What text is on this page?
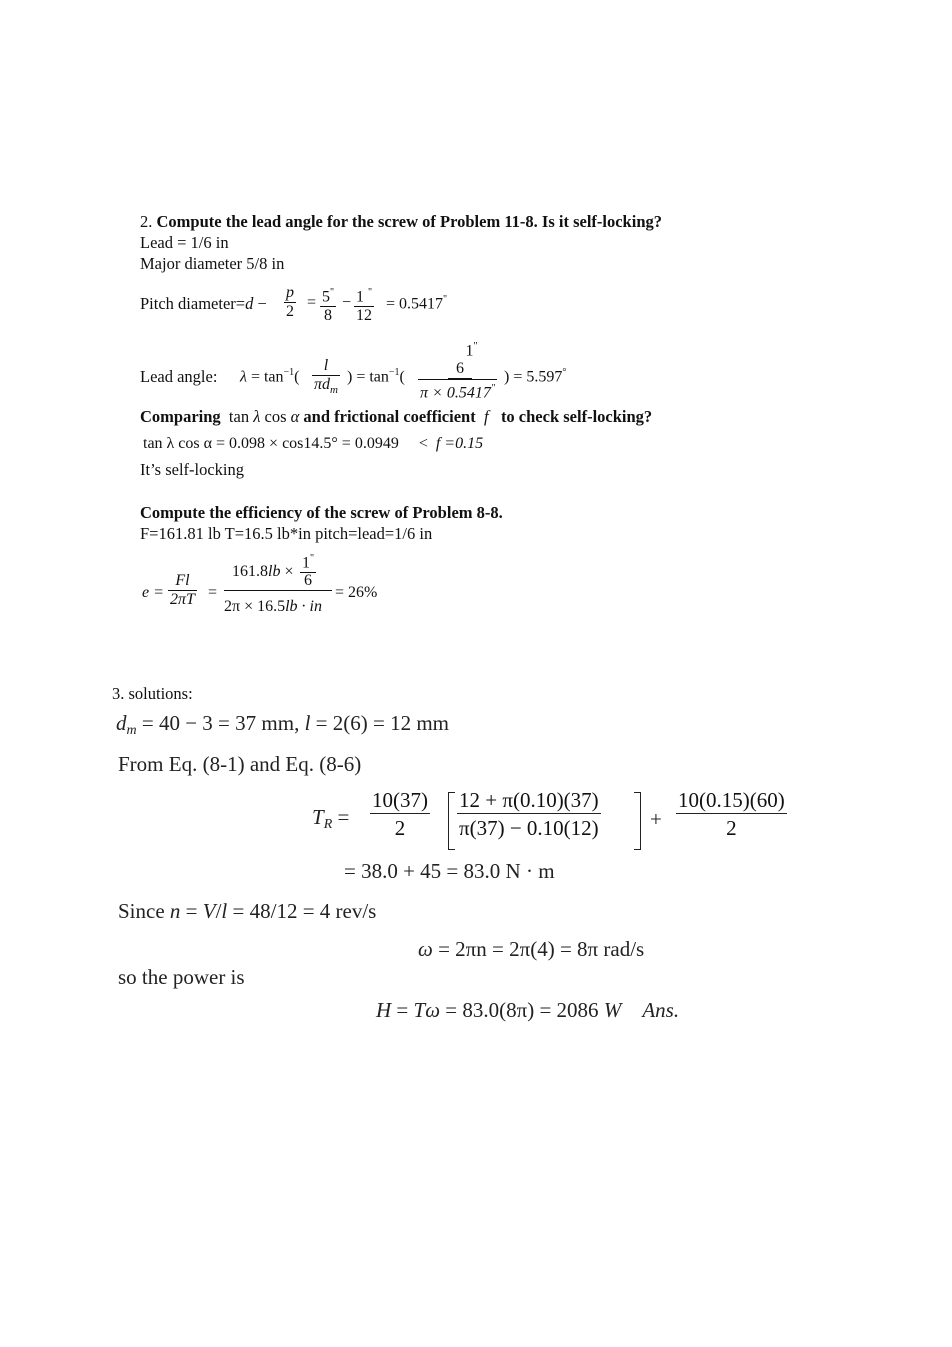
2. Compute the lead angle for the screw of Problem 11-8. Is it self-locking?
Lead = 1/6 in
Major diameter 5/8 in
Pitch diameter=d − $\frac{p}{2} = \frac{5^"}{8} - \frac{1 ^"}{12} = 0.5417^"$
Lead angle: $\lambda = \tan^{-1}$(
l
$\pi d_m$
) = $\tan^{-1}$(
1"
6
π × 0.5417"
) = 5.597°
Comparing  tan λ cos α and frictional coefficient f to check self-locking?
tan λ cos α = 0.098 × cos14.5° = 0.0949 < f =0.15
It’s self-locking
Compute the efficiency of the screw of Problem 8-8.
F=161.81 lb T=16.5 lb*in pitch=lead=1/6 in
$e = \frac{Fl}{2\pi T}$ =
$161.8lb \times \frac{1^"}{6}$
2π × 16.5lb · in
= 26%
3. solutions:
dm = 40 − 3 = 37 mm, l = 2(6) = 12 mm
From Eq. (8-1) and Eq. (8-6)
TR =
10(37)
2
12 + π(0.10)(37)
π(37) − 0.10(12) +
10(0.15)(60)
2
= 38.0 + 45 = 83.0 N · m
Since n = V/l = 48/12 = 4 rev/s
ω = 2πn = 2π(4) = 8π rad/s
so the power is
H = Tω = 83.0(8π) = 2086 W Ans.
